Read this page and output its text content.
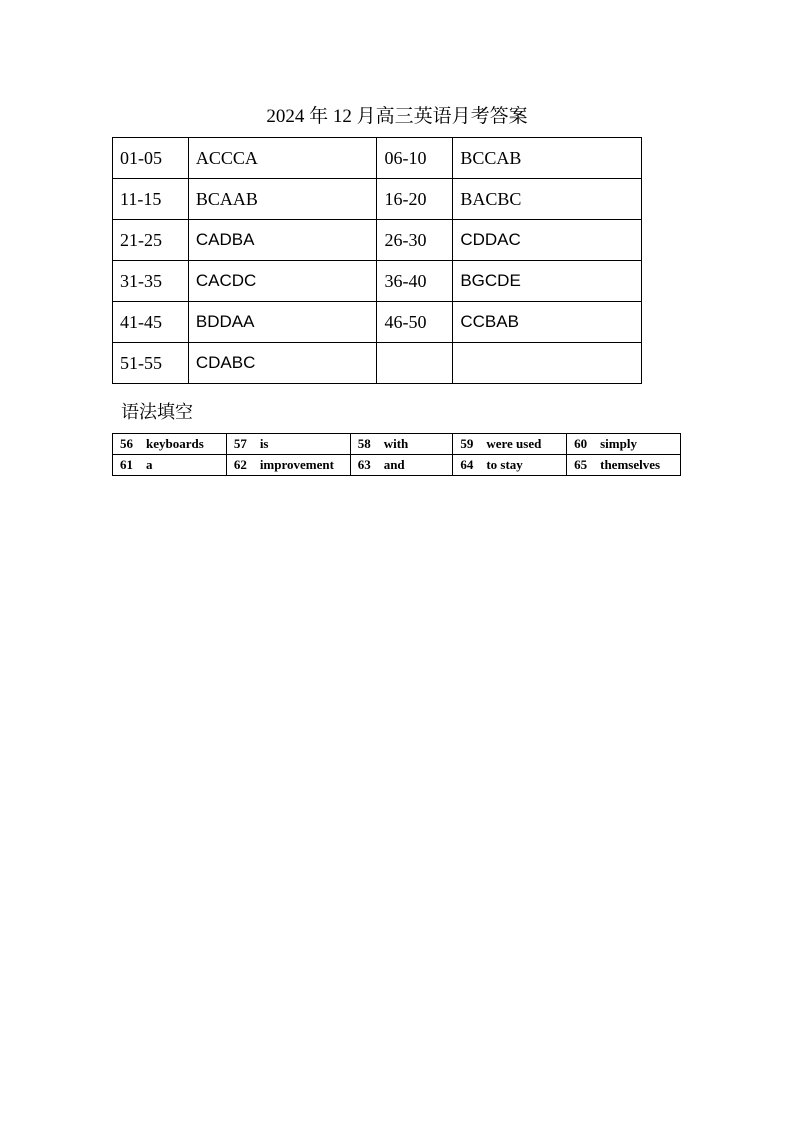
2024 年 12 月高三英语月考答案
01-05	ACCCA	06-10	BCCAB
11-15	BCAAB	16-20	BACBC
21-25	CADBA	26-30	CDDAC
31-35	CACDC	36-40	BGCDE
41-45	BDDAA	46-50	CCBAB
51-55	CDABC		
语法填空
56 keyboards	57 is	58 with	59 were used	60 simply
61 a	62 improvement	63 and	64 to stay	65 themselves
